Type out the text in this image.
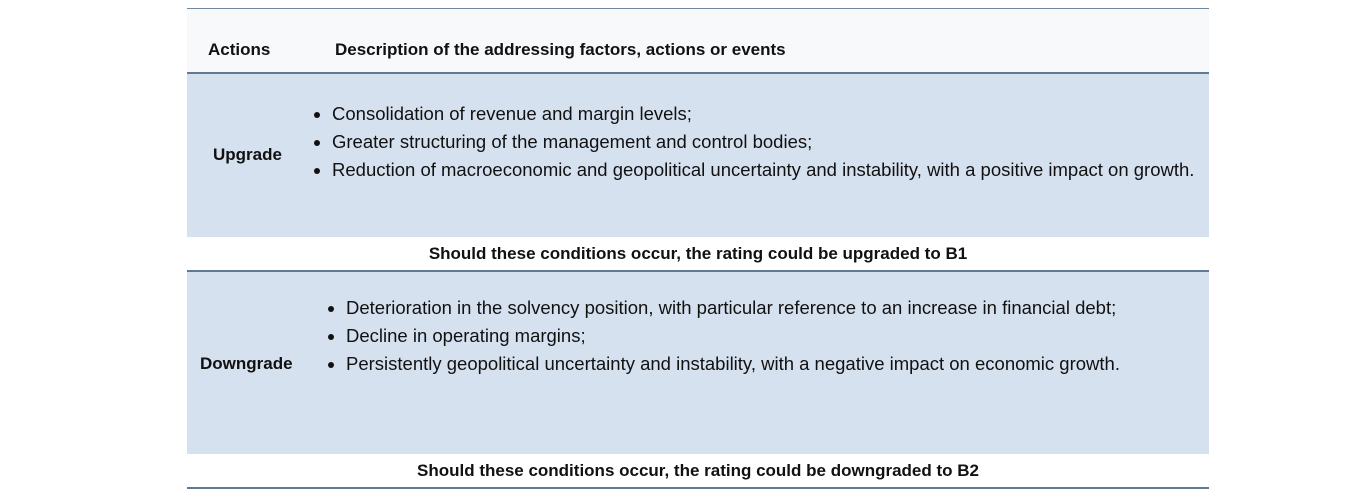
Actions	Description of the addressing factors, actions or events
Upgrade
• Consolidation of revenue and margin levels;
• Greater structuring of the management and control bodies;
• Reduction of macroeconomic and geopolitical uncertainty and instability, with a positive impact on growth.
Should these conditions occur, the rating could be upgraded to B1
Downgrade
• Deterioration in the solvency position, with particular reference to an increase in financial debt;
• Decline in operating margins;
• Persistently geopolitical uncertainty and instability, with a negative impact on economic growth.
Should these conditions occur, the rating could be downgraded to B2
